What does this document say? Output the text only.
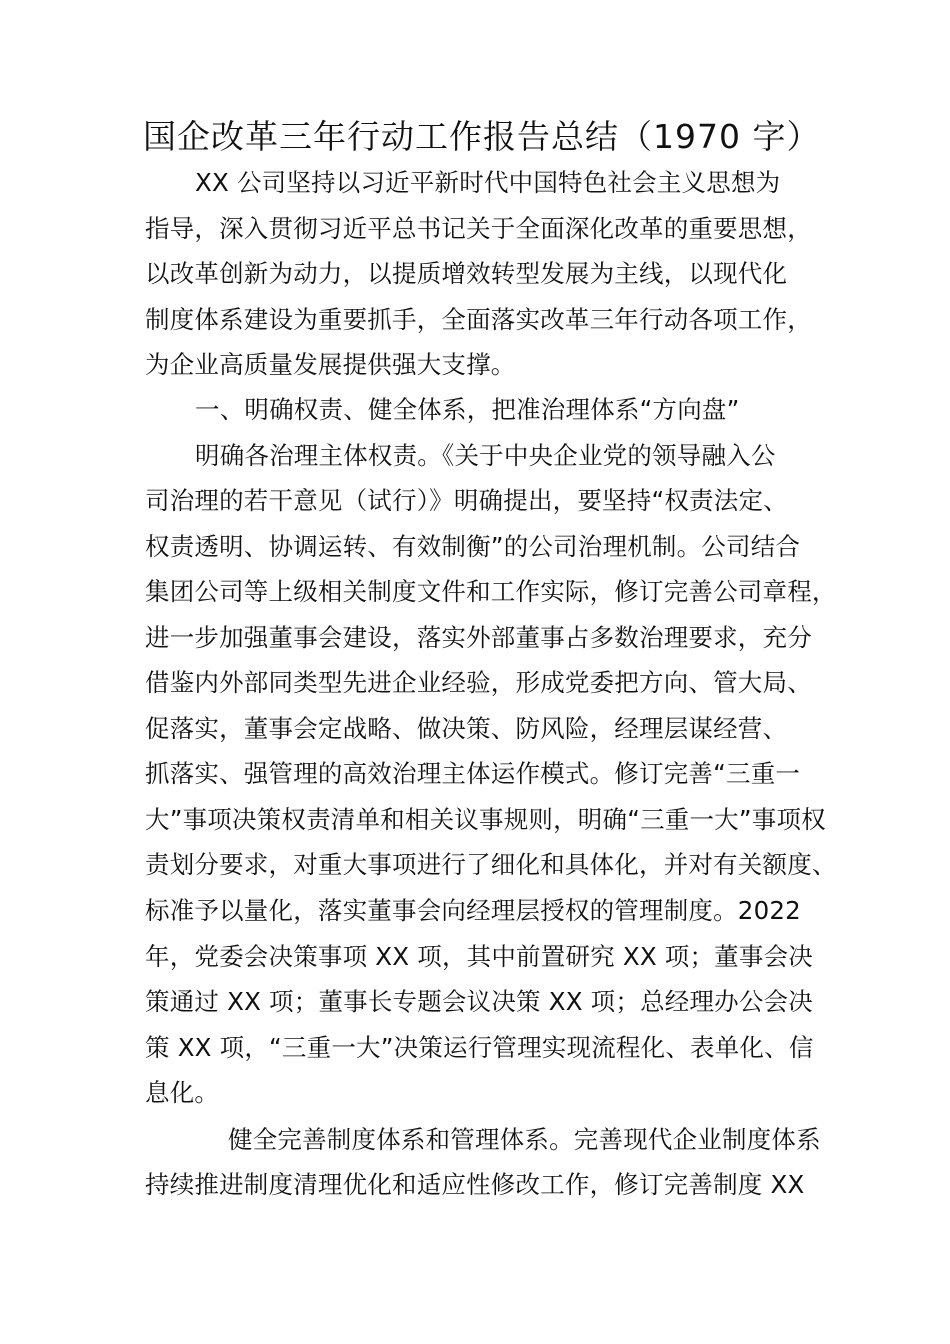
国企改革三年行动工作报告总结（1970 字）
XX 公司坚持以习近平新时代中国特色社会主义思想为
指导，深入贯彻习近平总书记关于全面深化改革的重要思想，
以改革创新为动力，以提质增效转型发展为主线，以现代化
制度体系建设为重要抓手，全面落实改革三年行动各项工作，
为企业高质量发展提供强大支撑。
一、明确权责、健全体系，把准治理体系“方向盘”
明确各治理主体权责。《关于中央企业党的领导融入公
司治理的若干意见（试行）》明确提出，要坚持“权责法定、
权责透明、协调运转、有效制衡”的公司治理机制。公司结合
集团公司等上级相关制度文件和工作实际，修订完善公司章程，
进一步加强董事会建设，落实外部董事占多数治理要求，充分
借鉴内外部同类型先进企业经验，形成党委把方向、管大局、
促落实，董事会定战略、做决策、防风险，经理层谋经营、
抓落实、强管理的高效治理主体运作模式。修订完善“三重一
大”事项决策权责清单和相关议事规则，明确“三重一大”事项权
责划分要求，对重大事项进行了细化和具体化，并对有关额度、
标准予以量化，落实董事会向经理层授权的管理制度。2022
年，党委会决策事项 XX 项，其中前置研究 XX 项；董事会决
策通过 XX 项；董事长专题会议决策 XX 项；总经理办公会决
策 XX 项，“三重一大”决策运行管理实现流程化、表单化、信
息化。
健全完善制度体系和管理体系。完善现代企业制度体系
持续推进制度清理优化和适应性修改工作，修订完善制度 XX
